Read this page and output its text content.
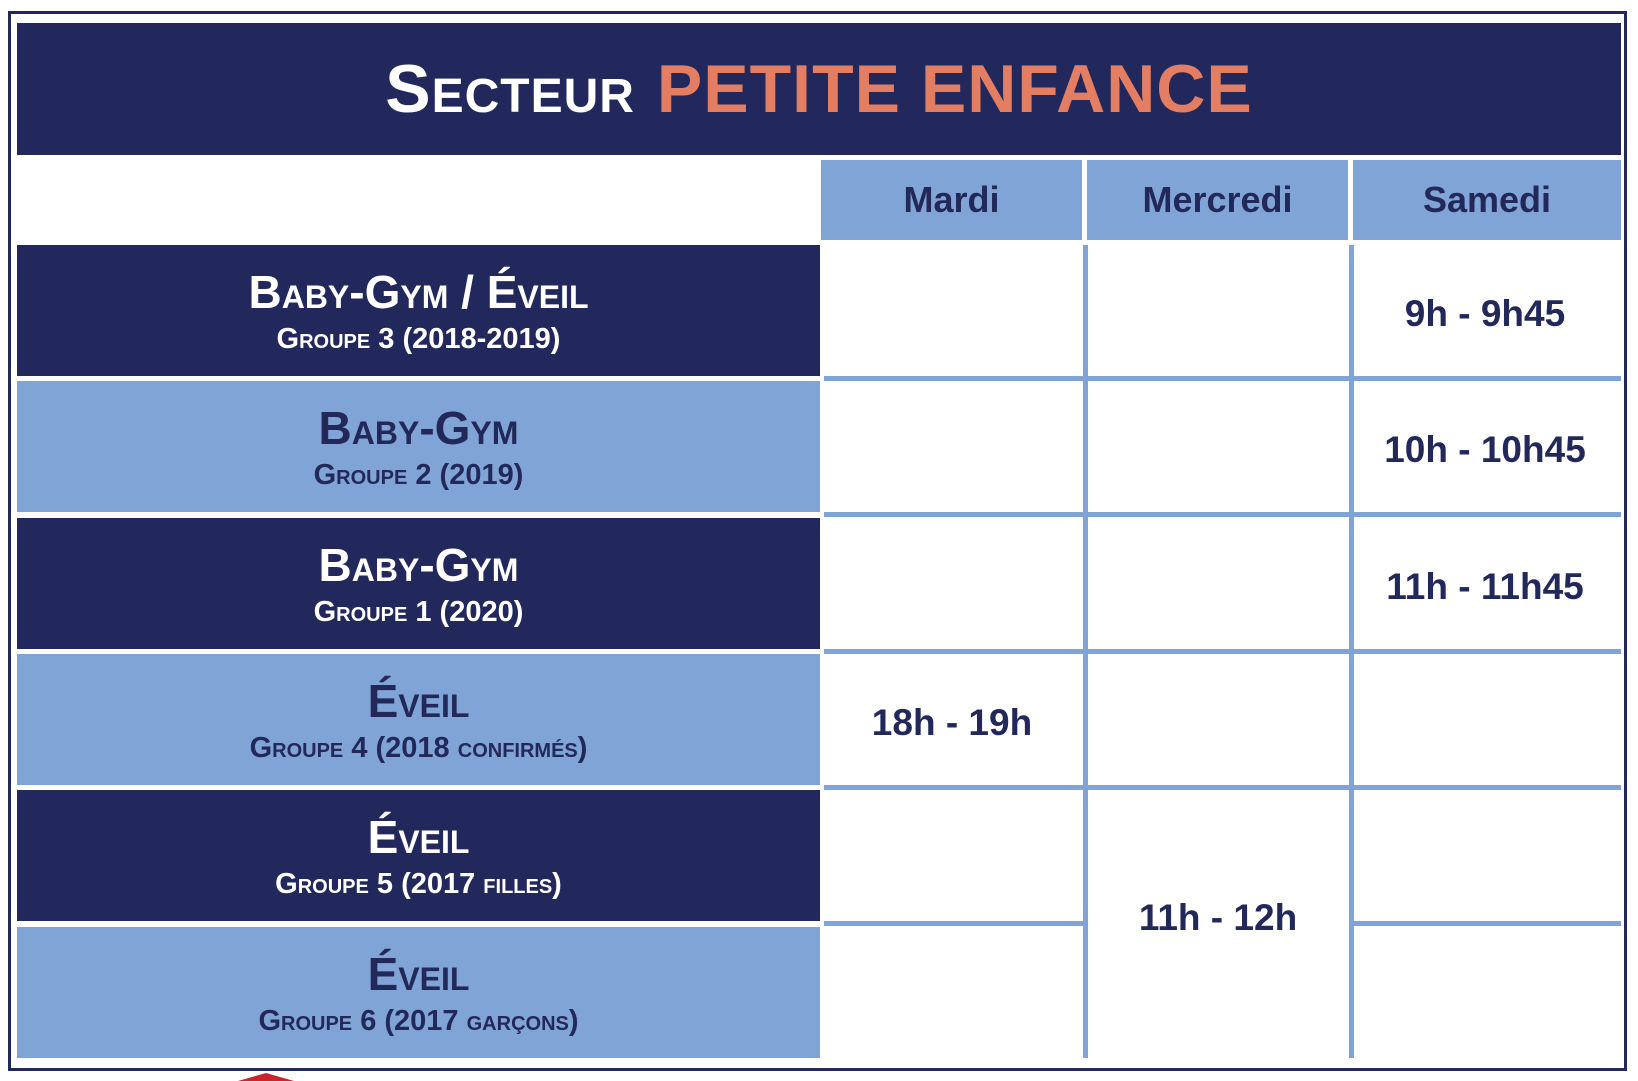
Secteur PETITE ENFANCE
Mardi	Mercredi	Samedi
Baby-Gym / Éveil
Groupe 3 (2018-2019)
Baby-Gym
Groupe 2 (2019)
Baby-Gym
Groupe 1 (2020)
Éveil
Groupe 4 (2018 confirmés)
Éveil
Groupe 5 (2017 filles)
Éveil
Groupe 6 (2017 garçons)
9h - 9h45
10h - 10h45
11h - 11h45
18h - 19h
11h - 12h
